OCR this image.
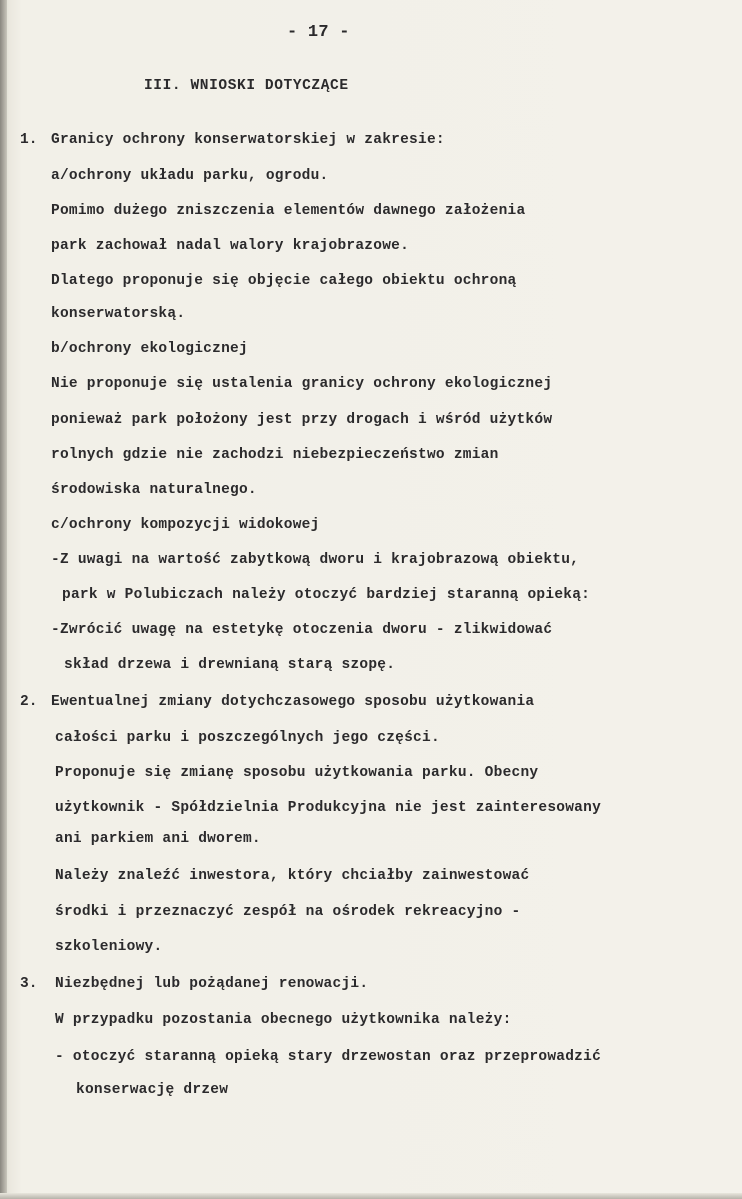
- 17 -
III. WNIOSKI DOTYCZĄCE
1. Granicy ochrony konserwatorskiej w zakresie:
a/ochrony układu parku, ogrodu.
Pomimo dużego zniszczenia elementów dawnego założenia
park zachował nadal walory krajobrazowe.
Dlatego proponuje się objęcie całego obiektu ochroną
konserwatorską.
b/ochrony ekologicznej
Nie proponuje się ustalenia granicy ochrony ekologicznej
ponieważ park położony jest przy drogach i wśród użytków
rolnych gdzie nie zachodzi niebezpieczeństwo zmian
środowiska naturalnego.
c/ochrony kompozycji widokowej
-Z uwagi na wartość zabytkową dworu i krajobrazową obiektu,
park w Polubiczach należy otoczyć bardziej staranną opieką:
-Zwrócić uwagę na estetykę otoczenia dworu - zlikwidować
skład drzewa i drewnianą starą szopę.
2. Ewentualnej zmiany dotychczasowego sposobu użytkowania
całości parku i poszczególnych jego części.
Proponuje się zmianę sposobu użytkowania parku. Obecny
użytkownik - Spółdzielnia Produkcyjna nie jest zainteresowany
ani parkiem ani dworem.
Należy znaleźć inwestora, który chciałby zainwestować
środki i przeznaczyć zespół na ośrodek rekreacyjno -
szkoleniowy.
3. Niezbędnej lub pożądanej renowacji.
W przypadku pozostania obecnego użytkownika należy:
- otoczyć staranną opieką stary drzewostan oraz przeprowadzić
konserwację drzew
